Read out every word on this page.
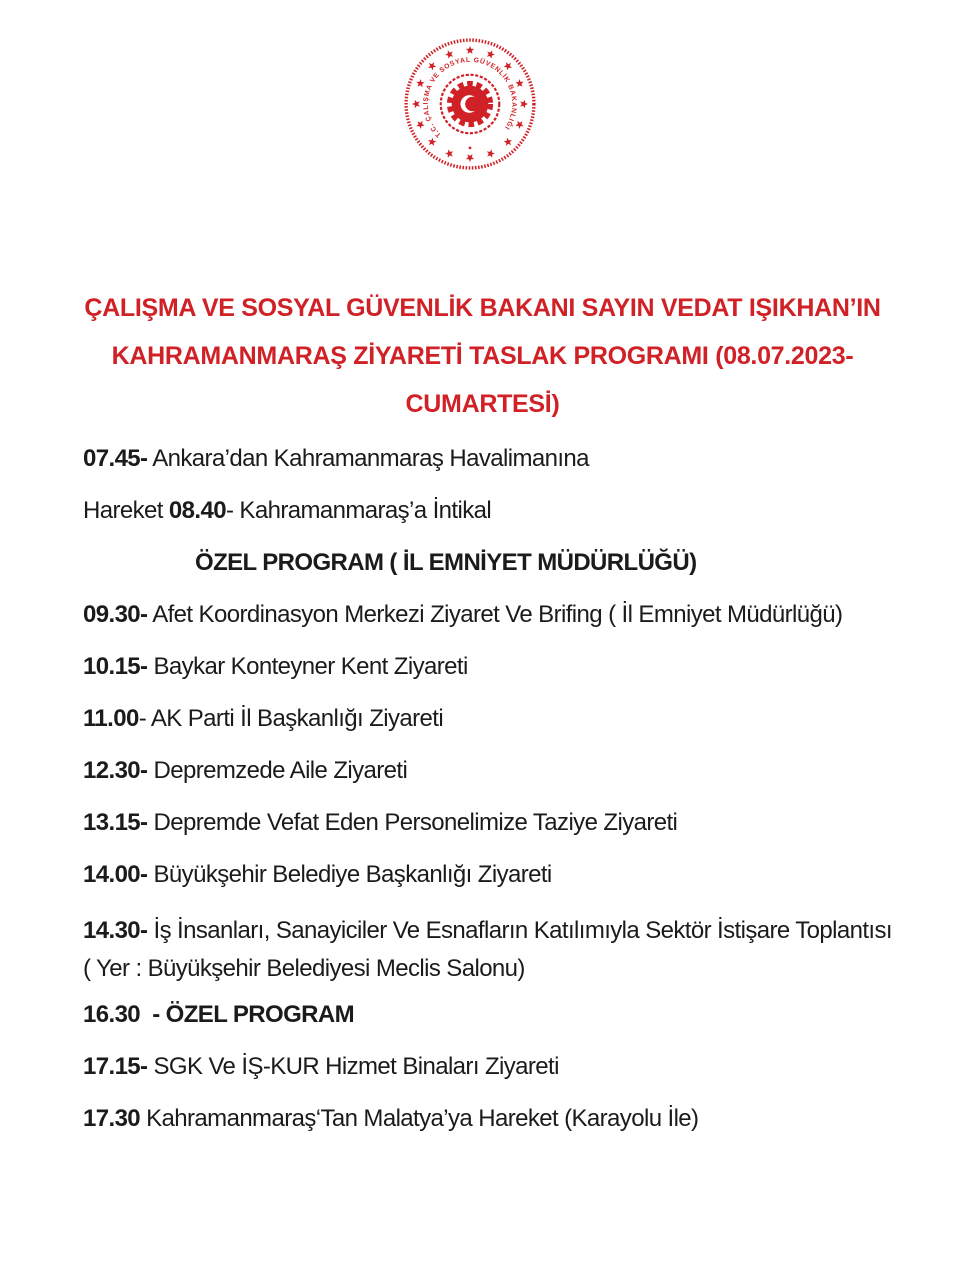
T.C. ÇALIŞMA VE SOSYAL GÜVENLİK BAKANLIĞI
ÇALIŞMA VE SOSYAL GÜVENLİK BAKANI SAYIN VEDAT IŞIKHAN’IN
KAHRAMANMARAŞ ZİYARETİ TASLAK PROGRAMI (08.07.2023-
CUMARTESİ)

07.45- Ankara’dan Kahramanmaraş Havalimanına

Hareket 08.40- Kahramanmaraş’a İntikal

ÖZEL PROGRAM ( İL EMNİYET MÜDÜRLÜĞÜ)

09.30- Afet Koordinasyon Merkezi Ziyaret Ve Brifing ( İl Emniyet Müdürlüğü)

10.15- Baykar Konteyner Kent Ziyareti

11.00- AK Parti İl Başkanlığı Ziyareti

12.30- Depremzede Aile Ziyareti

13.15- Depremde Vefat Eden Personelimize Taziye Ziyareti

14.00- Büyükşehir Belediye Başkanlığı Ziyareti

14.30- İş İnsanları, Sanayiciler Ve Esnafların Katılımıyla Sektör İstişare Toplantısı ( Yer : Büyükşehir Belediyesi Meclis Salonu)

16.30  - ÖZEL PROGRAM

17.15- SGK Ve İŞ-KUR Hizmet Binaları Ziyareti

17.30 Kahramanmaraş‘Tan Malatya’ya Hareket (Karayolu İle)
